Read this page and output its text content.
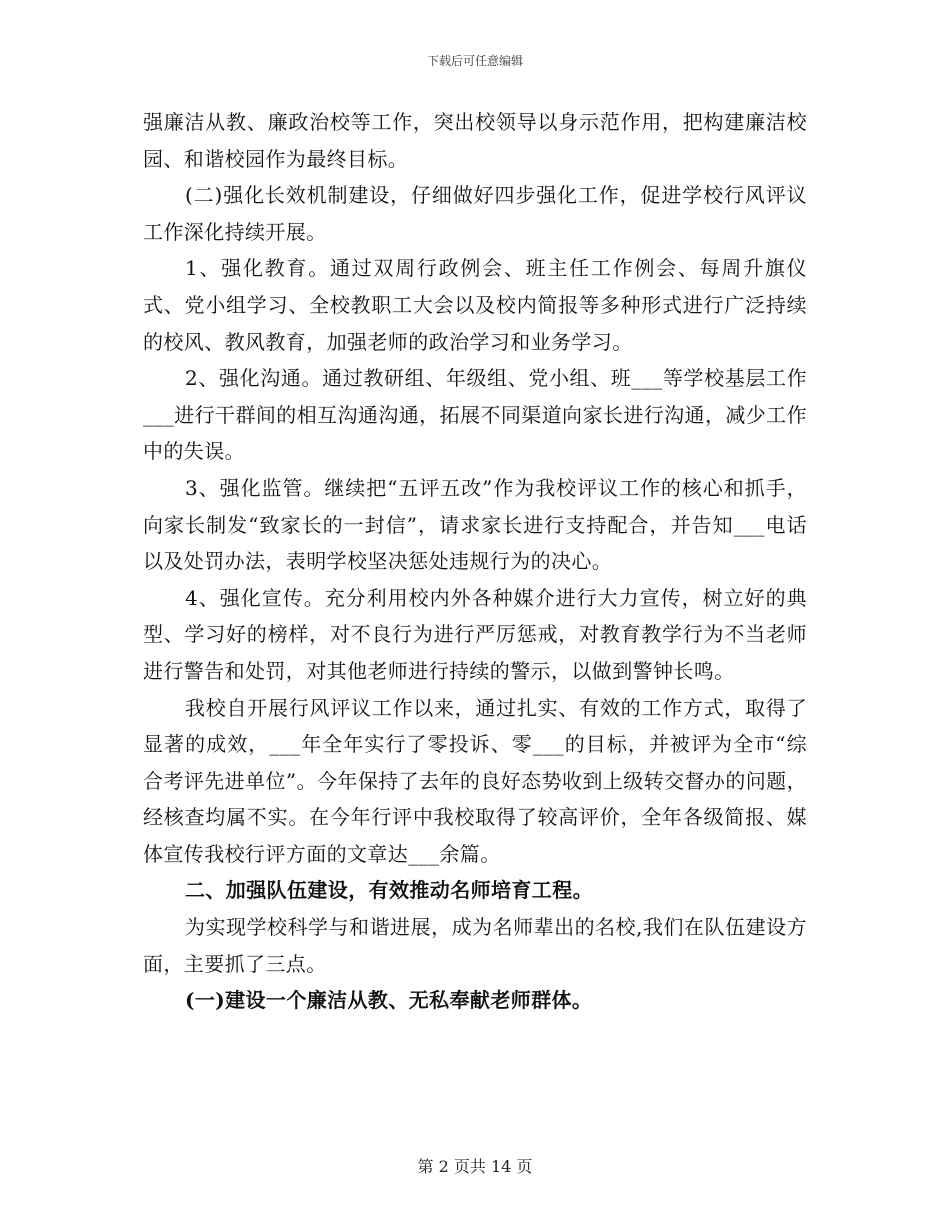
下载后可任意编辑

强廉洁从教、廉政治校等工作，突出校领导以身示范作用，把构建廉洁校园、和谐校园作为最终目标。

(二)强化长效机制建设，仔细做好四步强化工作，促进学校行风评议工作深化持续开展。

1、强化教育。通过双周行政例会、班主任工作例会、每周升旗仪式、党小组学习、全校教职工大会以及校内简报等多种形式进行广泛持续的校风、教风教育，加强老师的政治学习和业务学习。

2、强化沟通。通过教研组、年级组、党小组、班___等学校基层工作___进行干群间的相互沟通沟通，拓展不同渠道向家长进行沟通，减少工作中的失误。

3、强化监管。继续把“五评五改”作为我校评议工作的核心和抓手，向家长制发“致家长的一封信”，请求家长进行支持配合，并告知___电话以及处罚办法，表明学校坚决惩处违规行为的决心。

4、强化宣传。充分利用校内外各种媒介进行大力宣传，树立好的典型、学习好的榜样，对不良行为进行严厉惩戒，对教育教学行为不当老师进行警告和处罚，对其他老师进行持续的警示，以做到警钟长鸣。

我校自开展行风评议工作以来，通过扎实、有效的工作方式，取得了显著的成效，___年全年实行了零投诉、零___的目标，并被评为全市“综合考评先进单位”。今年保持了去年的良好态势收到上级转交督办的问题，经核查均属不实。在今年行评中我校取得了较高评价，全年各级简报、媒体宣传我校行评方面的文章达___余篇。

二、加强队伍建设，有效推动名师培育工程。

为实现学校科学与和谐进展，成为名师辈出的名校,我们在队伍建设方面，主要抓了三点。

(一)建设一个廉洁从教、无私奉献老师群体。

第 2 页共 14 页
